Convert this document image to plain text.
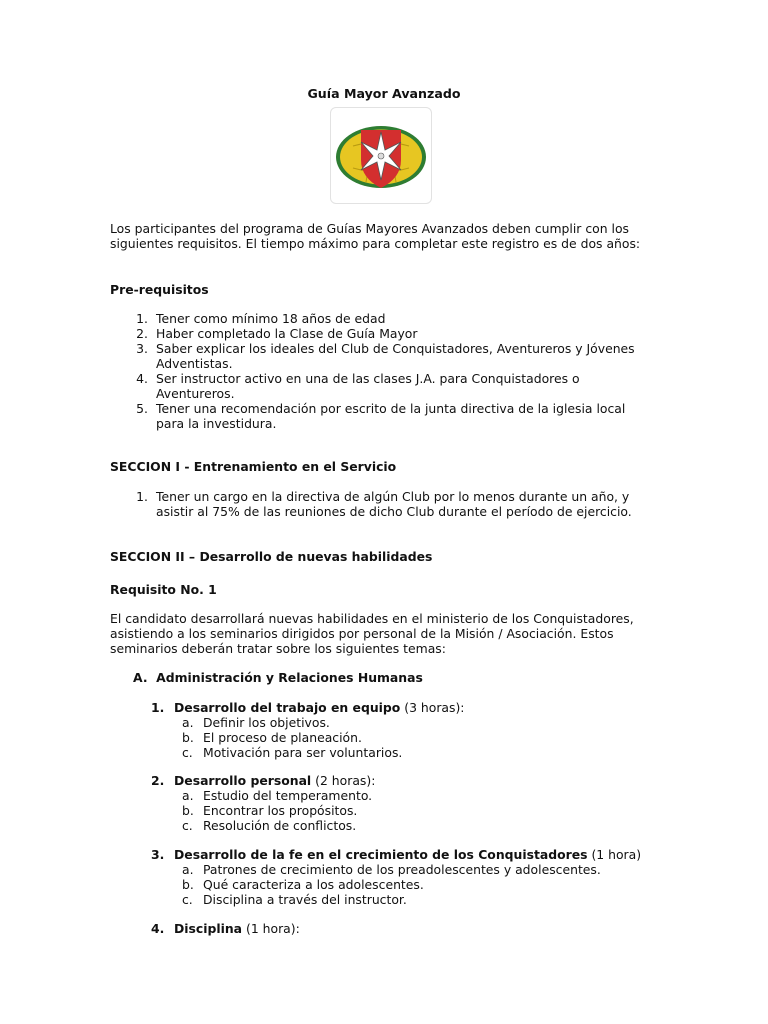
Guía Mayor Avanzado
Los participantes del programa de Guías Mayores Avanzados deben cumplir con los siguientes requisitos. El tiempo máximo para completar este registro es de dos años:
Pre-requisitos
1. Tener como mínimo 18 años de edad
2. Haber completado la Clase de Guía Mayor
3. Saber explicar los ideales del Club de Conquistadores, Aventureros y Jóvenes Adventistas.
4. Ser instructor activo en una de las clases J.A. para Conquistadores o Aventureros.
5. Tener una recomendación por escrito de la junta directiva de la iglesia local para la investidura.
SECCION I - Entrenamiento en el Servicio
1. Tener un cargo en la directiva de algún Club por lo menos durante un año, y asistir al 75% de las reuniones de dicho Club durante el período de ejercicio.
SECCION II – Desarrollo de nuevas habilidades
Requisito No. 1
El candidato desarrollará nuevas habilidades en el ministerio de los Conquistadores, asistiendo a los seminarios dirigidos por personal de la Misión / Asociación. Estos seminarios deberán tratar sobre los siguientes temas:
A. Administración y Relaciones Humanas
1. Desarrollo del trabajo en equipo (3 horas):
a. Definir los objetivos.
b. El proceso de planeación.
c. Motivación para ser voluntarios.
2. Desarrollo personal (2 horas):
a. Estudio del temperamento.
b. Encontrar los propósitos.
c. Resolución de conflictos.
3. Desarrollo de la fe en el crecimiento de los Conquistadores (1 hora)
a. Patrones de crecimiento de los preadolescentes y adolescentes.
b. Qué caracteriza a los adolescentes.
c. Disciplina a través del instructor.
4. Disciplina (1 hora):
